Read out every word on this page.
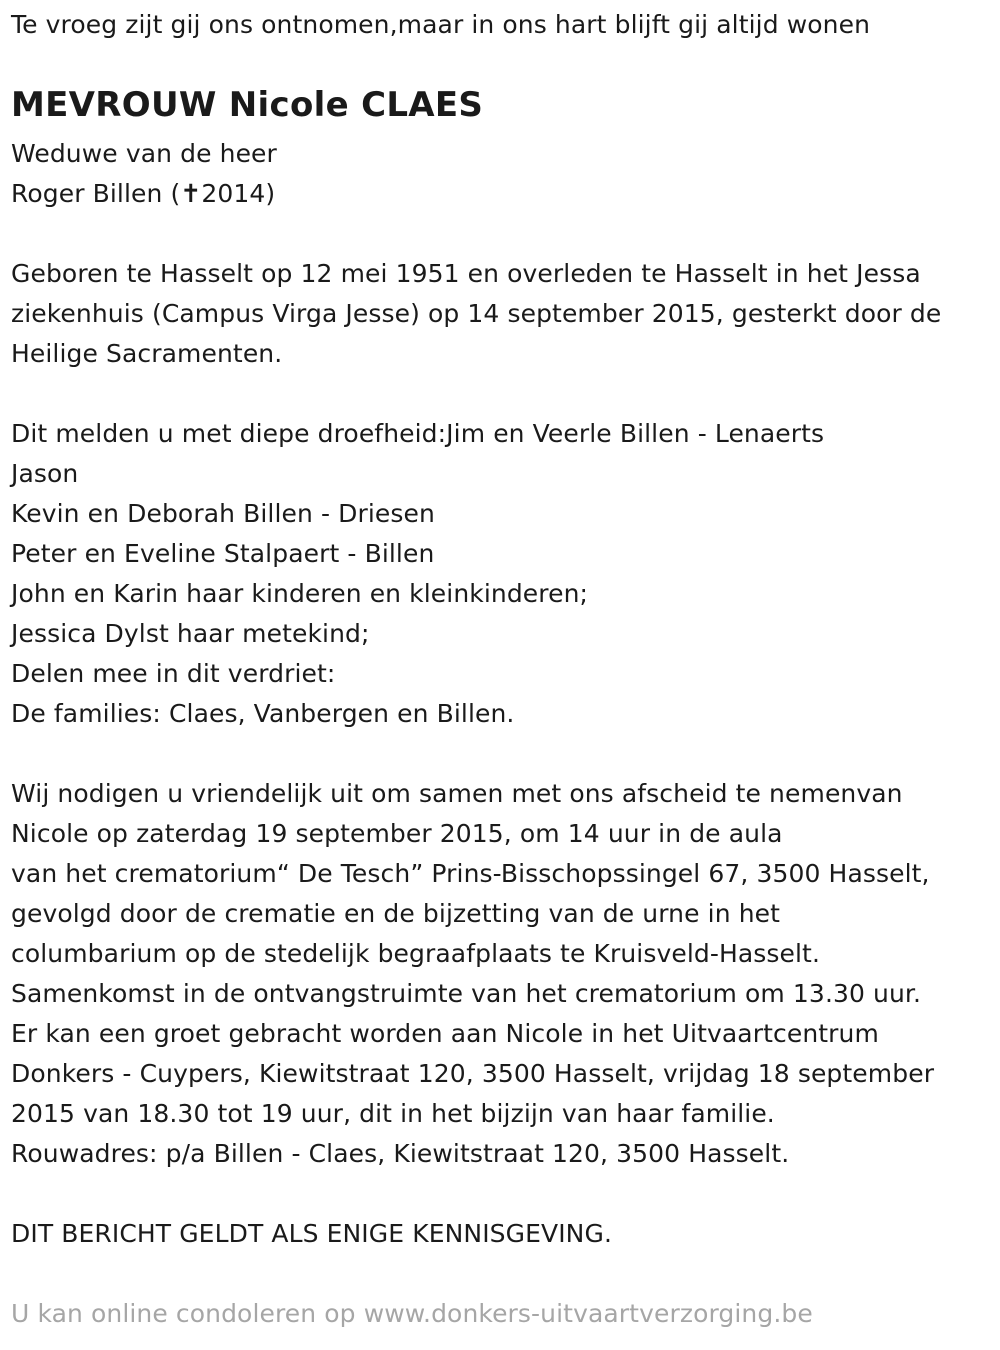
Te vroeg zijt gij ons ontnomen,maar in ons hart blijft gij altijd wonen
MEVROUW Nicole CLAES
Weduwe van de heer
Roger Billen (✝2014)
Geboren te Hasselt op 12 mei 1951 en overleden te Hasselt in het Jessa
ziekenhuis (Campus Virga Jesse) op 14 september 2015, gesterkt door de
Heilige Sacramenten.
Dit melden u met diepe droefheid:Jim en Veerle Billen - Lenaerts
Jason
Kevin en Deborah Billen - Driesen
Peter en Eveline Stalpaert - Billen
John en Karin haar kinderen en kleinkinderen;
Jessica Dylst haar metekind;
Delen mee in dit verdriet:
De families: Claes, Vanbergen en Billen.
Wij nodigen u vriendelijk uit om samen met ons afscheid te nemenvan
Nicole op zaterdag 19 september 2015, om 14 uur in de aula
van het crematorium“ De Tesch” Prins-Bisschopssingel 67, 3500 Hasselt,
gevolgd door de crematie en de bijzetting van de urne in het
columbarium op de stedelijk begraafplaats te Kruisveld-Hasselt.
Samenkomst in de ontvangstruimte van het crematorium om 13.30 uur.
Er kan een groet gebracht worden aan Nicole in het Uitvaartcentrum
Donkers - Cuypers, Kiewitstraat 120, 3500 Hasselt, vrijdag 18 september
2015 van 18.30 tot 19 uur, dit in het bijzijn van haar familie.
Rouwadres: p/a Billen - Claes, Kiewitstraat 120, 3500 Hasselt.
DIT BERICHT GELDT ALS ENIGE KENNISGEVING.
U kan online condoleren op www.donkers-uitvaartverzorging.be
